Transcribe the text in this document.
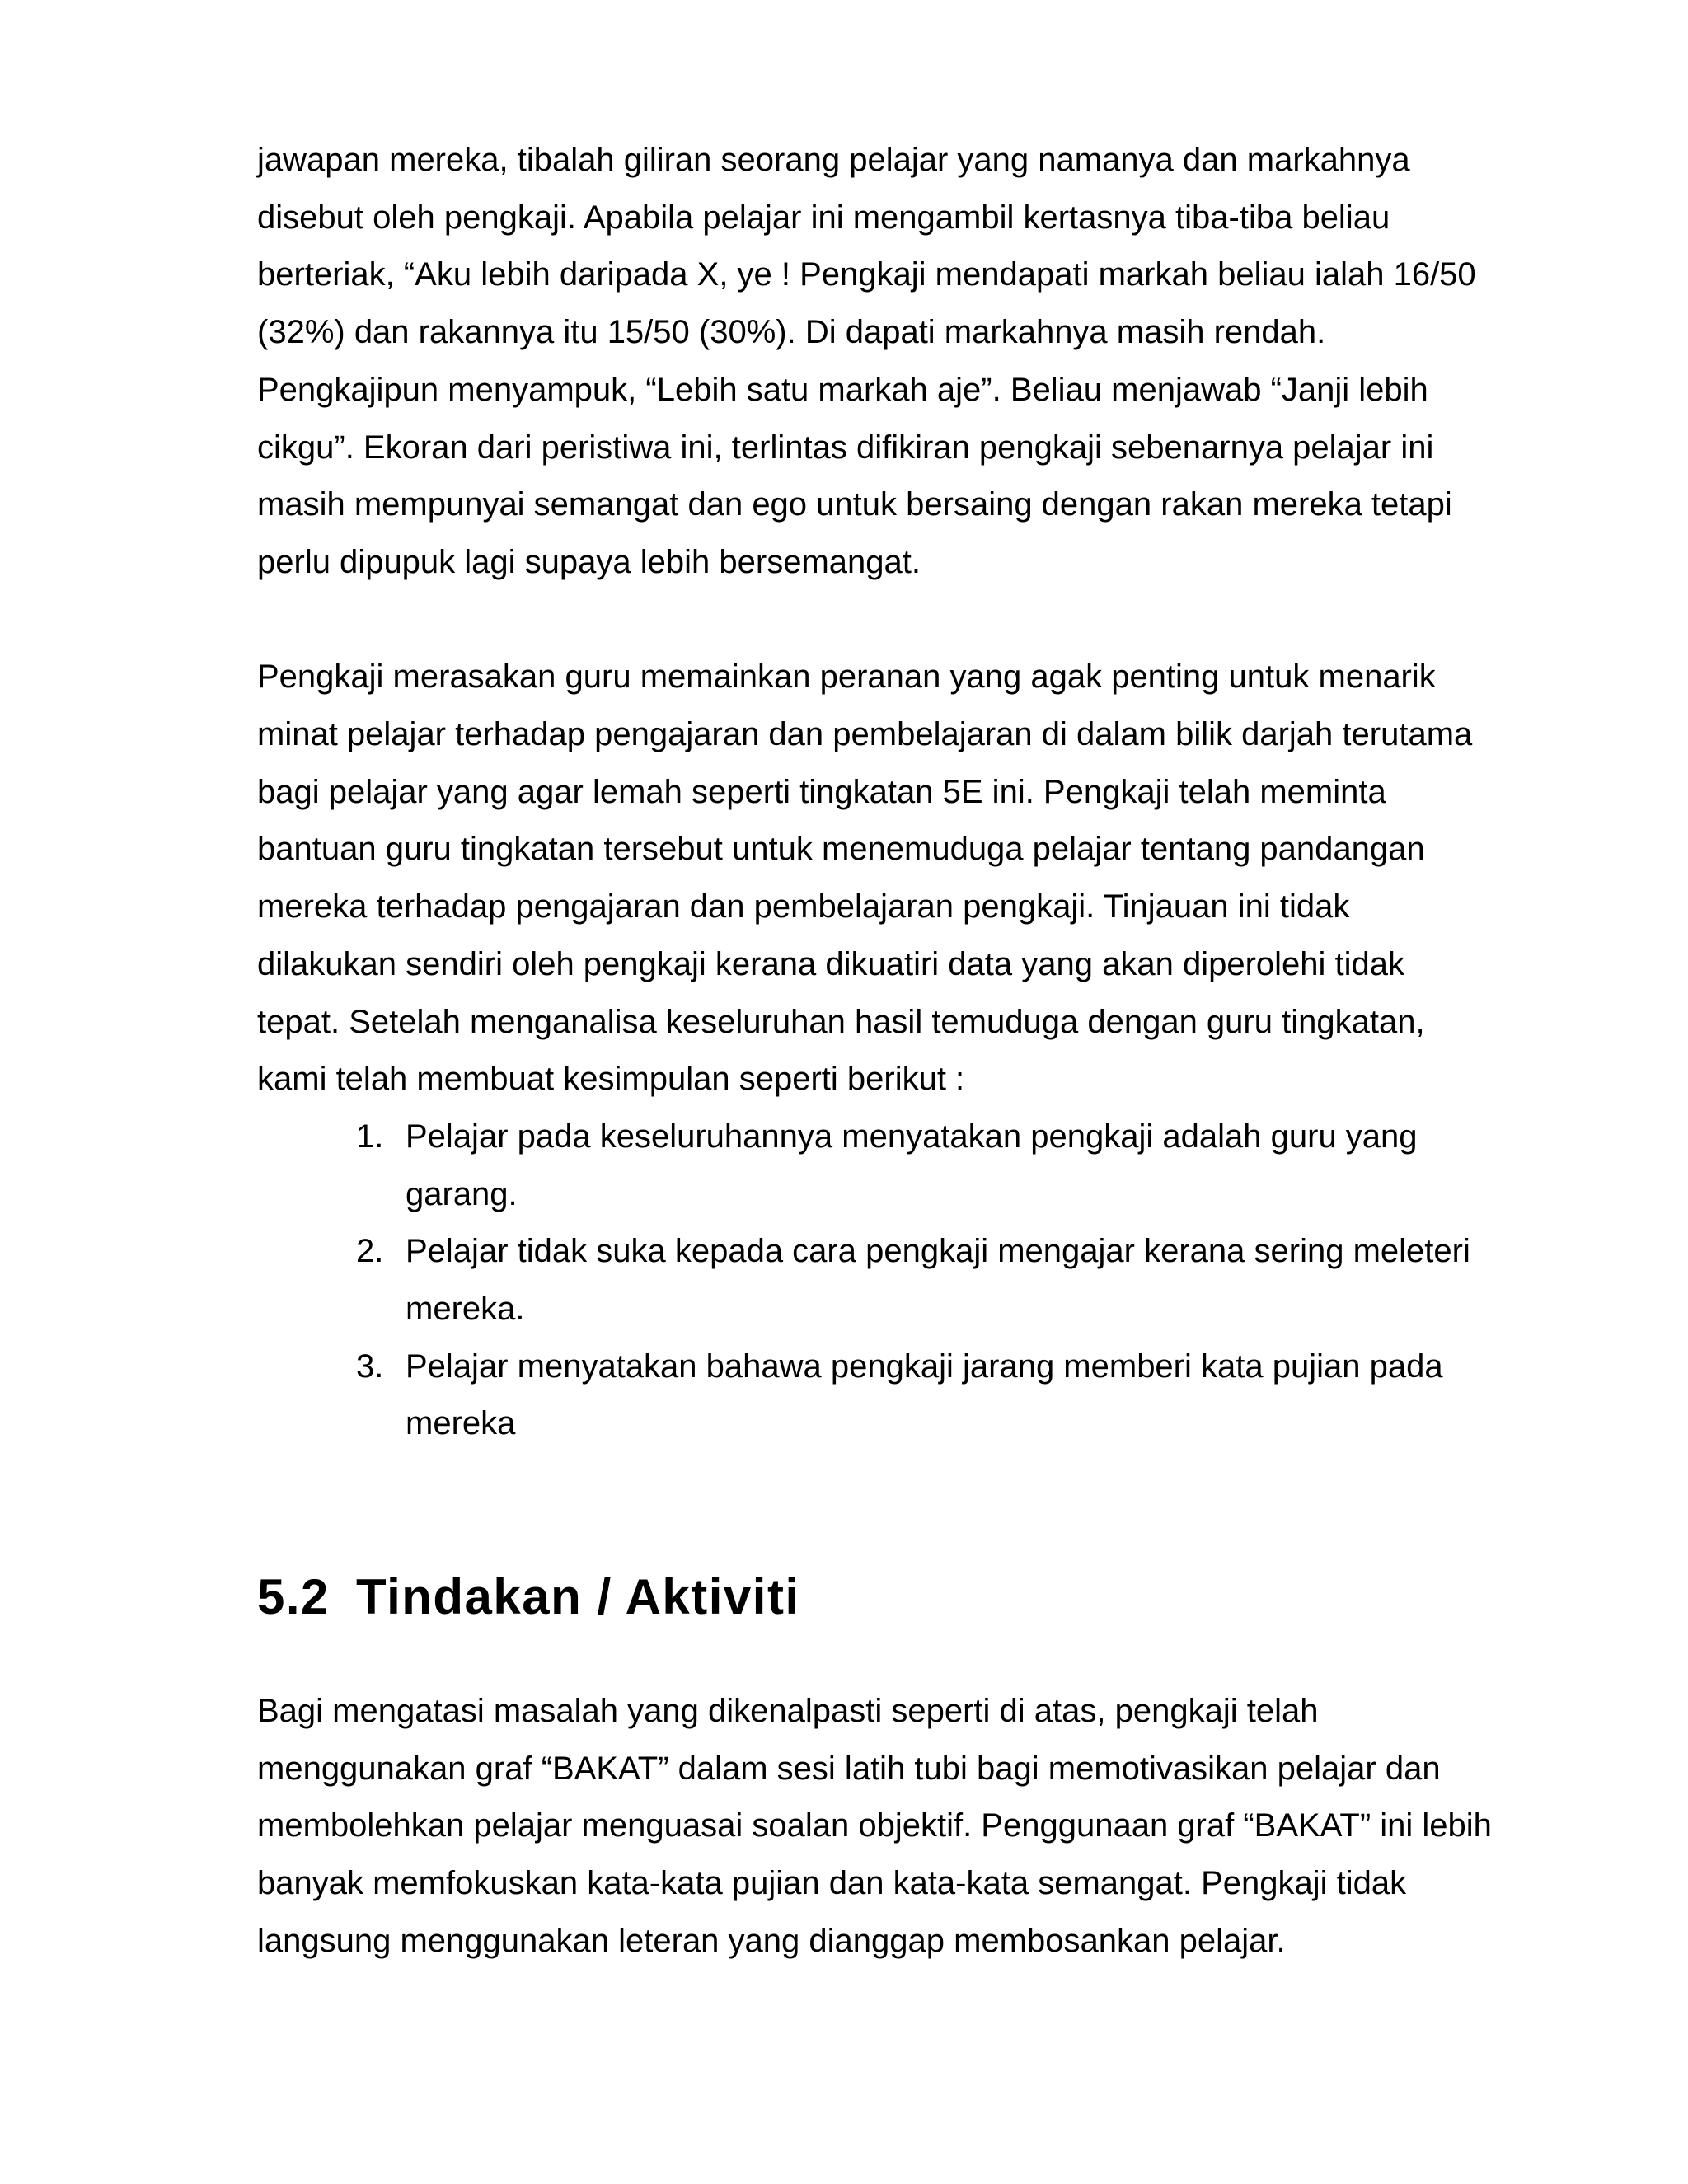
jawapan mereka, tibalah giliran seorang pelajar yang namanya dan markahnya disebut oleh pengkaji. Apabila pelajar ini mengambil kertasnya tiba-tiba beliau berteriak, “Aku lebih daripada X, ye ! Pengkaji mendapati markah beliau ialah 16/50 (32%) dan rakannya itu 15/50 (30%). Di dapati markahnya masih rendah. Pengkajipun menyampuk, “Lebih satu markah aje”. Beliau menjawab “Janji lebih cikgu”. Ekoran dari peristiwa ini, terlintas difikiran pengkaji sebenarnya pelajar ini masih mempunyai semangat dan ego untuk bersaing dengan rakan mereka tetapi perlu dipupuk lagi supaya lebih bersemangat.

Pengkaji merasakan guru memainkan peranan yang agak penting untuk menarik minat pelajar terhadap pengajaran dan pembelajaran di dalam bilik darjah terutama bagi pelajar yang agar lemah seperti tingkatan 5E ini. Pengkaji telah meminta bantuan guru tingkatan tersebut untuk menemuduga pelajar tentang pandangan mereka terhadap pengajaran dan pembelajaran pengkaji. Tinjauan ini tidak dilakukan sendiri oleh pengkaji kerana dikuatiri data yang akan diperolehi tidak tepat. Setelah menganalisa keseluruhan hasil temuduga dengan guru tingkatan, kami telah membuat kesimpulan seperti berikut :

1. Pelajar pada keseluruhannya menyatakan pengkaji adalah guru yang garang.
2. Pelajar tidak suka kepada cara pengkaji mengajar kerana sering meleteri mereka.
3. Pelajar menyatakan bahawa pengkaji jarang memberi kata pujian pada mereka
5.2 Tindakan / Aktiviti

Bagi mengatasi masalah yang dikenalpasti seperti di atas, pengkaji telah menggunakan graf “BAKAT” dalam sesi latih tubi bagi memotivasikan pelajar dan membolehkan pelajar menguasai soalan objektif. Penggunaan graf “BAKAT” ini lebih banyak memfokuskan kata-kata pujian dan kata-kata semangat. Pengkaji tidak langsung menggunakan leteran yang dianggap membosankan pelajar.
